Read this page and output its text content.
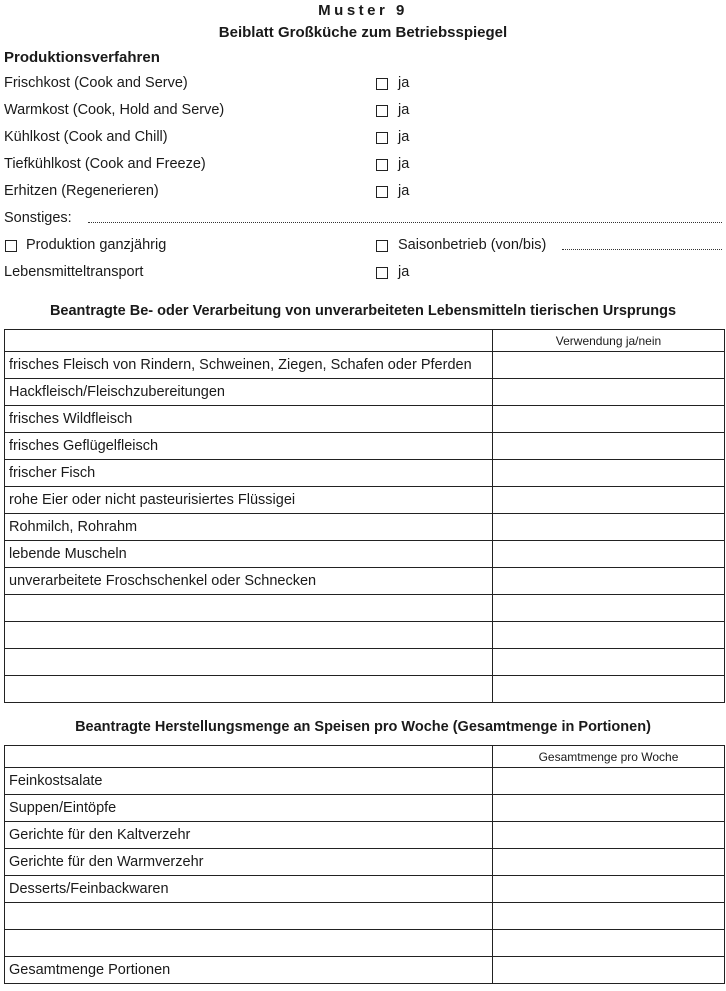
Muster 9
Beiblatt Großküche zum Betriebsspiegel
Produktionsverfahren
Frischkost (Cook and Serve)	ja
Warmkost (Cook, Hold and Serve)	ja
Kühlkost (Cook and Chill)	ja
Tiefkühlkost (Cook and Freeze)	ja
Erhitzen (Regenerieren)	ja
Sonstiges:
Produktion ganzjährig	Saisonbetrieb (von/bis)
Lebensmitteltransport	ja
Beantragte Be- oder Verarbeitung von unverarbeiteten Lebensmitteln tierischen Ursprungs
	Verwendung ja/nein
frisches Fleisch von Rindern, Schweinen, Ziegen, Schafen oder Pferden	
Hackfleisch/Fleischzubereitungen	
frisches Wildfleisch	
frisches Geflügelfleisch	
frischer Fisch	
rohe Eier oder nicht pasteurisiertes Flüssigei	
Rohmilch, Rohrahm	
lebende Muscheln	
unverarbeitete Froschschenkel oder Schnecken	

Beantragte Herstellungsmenge an Speisen pro Woche (Gesamtmenge in Portionen)
	Gesamtmenge pro Woche
Feinkostsalate	
Suppen/Eintöpfe	
Gerichte für den Kaltverzehr	
Gerichte für den Warmverzehr	
Desserts/Feinbackwaren	

Gesamtmenge Portionen	
